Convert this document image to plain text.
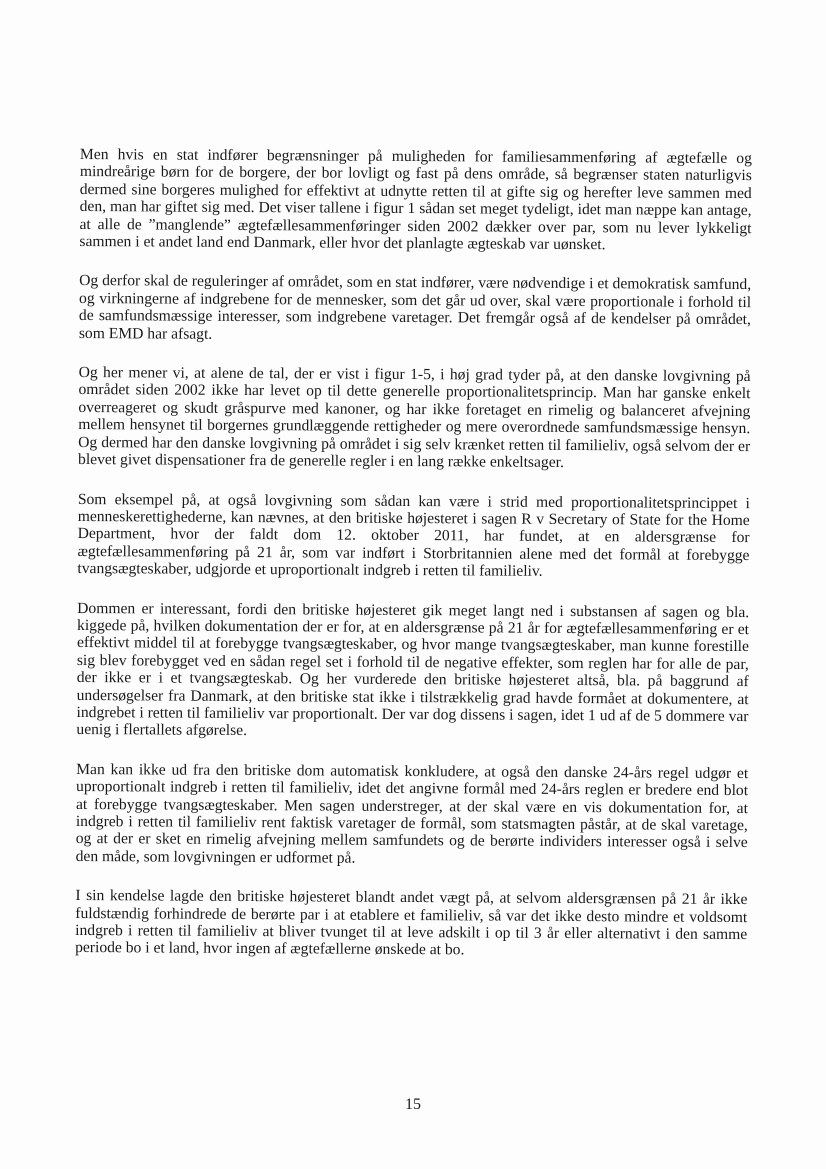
Men hvis en stat indfører begrænsninger på muligheden for familiesammenføring af ægtefælle og mindreårige børn for de borgere, der bor lovligt og fast på dens område, så begrænser staten naturligvis dermed sine borgeres mulighed for effektivt at udnytte retten til at gifte sig og herefter leve sammen med den, man har giftet sig med. Det viser tallene i figur 1 sådan set meget tydeligt, idet man næppe kan antage, at alle de ”manglende” ægtefællesammenføringer siden 2002 dækker over par, som nu lever lykkeligt sammen i et andet land end Danmark, eller hvor det planlagte ægteskab var uønsket.

Og derfor skal de reguleringer af området, som en stat indfører, være nødvendige i et demokratisk samfund, og virkningerne af indgrebene for de mennesker, som det går ud over, skal være proportionale i forhold til de samfundsmæssige interesser, som indgrebene varetager. Det fremgår også af de kendelser på området, som EMD har afsagt.

Og her mener vi, at alene de tal, der er vist i figur 1-5, i høj grad tyder på, at den danske lovgivning på området siden 2002 ikke har levet op til dette generelle proportionalitetsprincip. Man har ganske enkelt overreageret og skudt gråspurve med kanoner, og har ikke foretaget en rimelig og balanceret afvejning mellem hensynet til borgernes grundlæggende rettigheder og mere overordnede samfundsmæssige hensyn. Og dermed har den danske lovgivning på området i sig selv krænket retten til familieliv, også selvom der er blevet givet dispensationer fra de generelle regler i en lang række enkeltsager.

Som eksempel på, at også lovgivning som sådan kan være i strid med proportionalitetsprincippet i menneskerettighederne, kan nævnes, at den britiske højesteret i sagen R v Secretary of State for the Home Department, hvor der faldt dom 12. oktober 2011, har fundet, at en aldersgrænse for ægtefællesammenføring på 21 år, som var indført i Storbritannien alene med det formål at forebygge tvangsægteskaber, udgjorde et uproportionalt indgreb i retten til familieliv.

Dommen er interessant, fordi den britiske højesteret gik meget langt ned i substansen af sagen og bla. kiggede på, hvilken dokumentation der er for, at en aldersgrænse på 21 år for ægtefællesammenføring er et effektivt middel til at forebygge tvangsægteskaber, og hvor mange tvangsægteskaber, man kunne forestille sig blev forebygget ved en sådan regel set i forhold til de negative effekter, som reglen har for alle de par, der ikke er i et tvangsægteskab. Og her vurderede den britiske højesteret altså, bla. på baggrund af undersøgelser fra Danmark, at den britiske stat ikke i tilstrækkelig grad havde formået at dokumentere, at indgrebet i retten til familieliv var proportionalt. Der var dog dissens i sagen, idet 1 ud af de 5 dommere var uenig i flertallets afgørelse.

Man kan ikke ud fra den britiske dom automatisk konkludere, at også den danske 24-års regel udgør et uproportionalt indgreb i retten til familieliv, idet det angivne formål med 24-års reglen er bredere end blot at forebygge tvangsægteskaber. Men sagen understreger, at der skal være en vis dokumentation for, at indgreb i retten til familieliv rent faktisk varetager de formål, som statsmagten påstår, at de skal varetage, og at der er sket en rimelig afvejning mellem samfundets og de berørte individers interesser også i selve den måde, som lovgivningen er udformet på.

I sin kendelse lagde den britiske højesteret blandt andet vægt på, at selvom aldersgrænsen på 21 år ikke fuldstændig forhindrede de berørte par i at etablere et familieliv, så var det ikke desto mindre et voldsomt indgreb i retten til familieliv at bliver tvunget til at leve adskilt i op til 3 år eller alternativt i den samme periode bo i et land, hvor ingen af ægtefællerne ønskede at bo.

15
